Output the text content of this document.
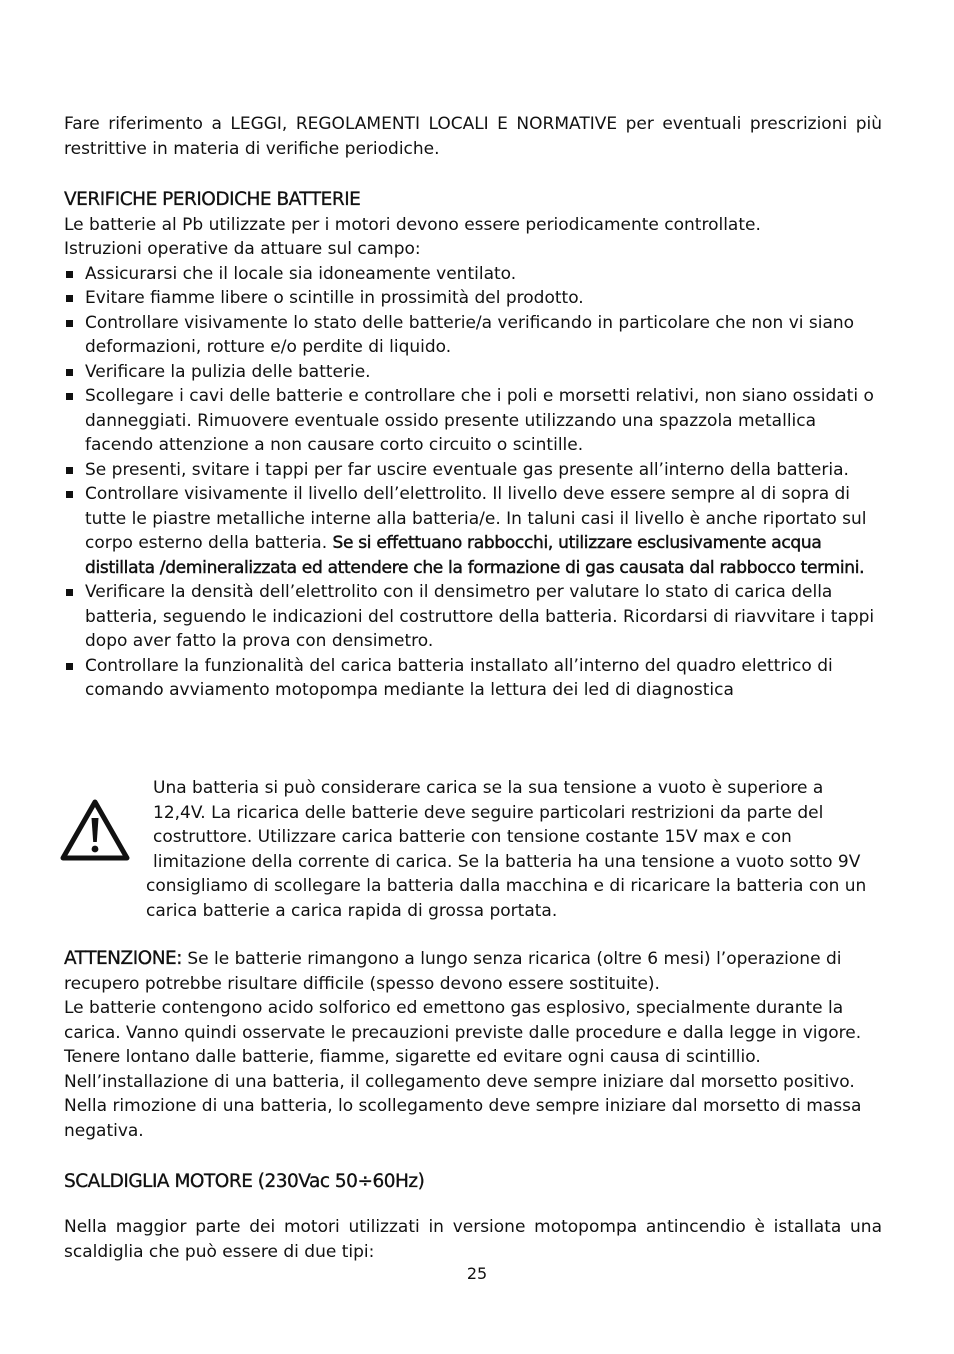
Fare riferimento a LEGGI, REGOLAMENTI LOCALI E NORMATIVE per eventuali prescrizioni più restrittive in materia di verifiche periodiche.

VERIFICHE PERIODICHE BATTERIE
Le batterie al Pb utilizzate per i motori devono essere periodicamente controllate.
Istruzioni operative da attuare sul campo:
Assicurarsi che il locale sia idoneamente ventilato.
Evitare fiamme libere o scintille in prossimità del prodotto.
Controllare visivamente lo stato delle batterie/a verificando in particolare che non vi siano deformazioni, rotture e/o perdite di liquido.
Verificare la pulizia delle batterie.
Scollegare i cavi delle batterie e controllare che i poli e morsetti relativi, non siano ossidati o danneggiati. Rimuovere eventuale ossido presente utilizzando una spazzola metallica facendo attenzione a non causare corto circuito o scintille.
Se presenti, svitare i tappi per far uscire eventuale gas presente all’interno della batteria.
Controllare visivamente il livello dell’elettrolito. Il livello deve essere sempre al di sopra di tutte le piastre metalliche interne alla batteria/e. In taluni casi il livello è anche riportato sul corpo esterno della batteria. Se si effettuano rabbocchi, utilizzare esclusivamente acqua distillata /demineralizzata ed attendere che la formazione di gas causata dal rabbocco termini.
Verificare la densità dell’elettrolito con il densimetro per valutare lo stato di carica della batteria, seguendo le indicazioni del costruttore della batteria. Ricordarsi di riavvitare i tappi dopo aver fatto la prova con densimetro.
Controllare la funzionalità del carica batteria installato all’interno del quadro elettrico di comando avviamento motopompa mediante la lettura dei led di diagnostica
Una batteria si può considerare carica se la sua tensione a vuoto è superiore a
12,4V. La ricarica delle batterie deve seguire particolari restrizioni da parte del
costruttore. Utilizzare carica batterie con tensione costante 15V max e con
limitazione della corrente di carica. Se la batteria ha una tensione a vuoto sotto 9V
consigliamo di scollegare la batteria dalla macchina e di ricaricare la batteria con un
carica batterie a carica rapida di grossa portata.
ATTENZIONE: Se le batterie rimangono a lungo senza ricarica (oltre 6 mesi) l’operazione di recupero potrebbe risultare difficile (spesso devono essere sostituite).
Le batterie contengono acido solforico ed emettono gas esplosivo, specialmente durante la carica. Vanno quindi osservate le precauzioni previste dalle procedure e dalla legge in vigore.
Tenere lontano dalle batterie, fiamme, sigarette ed evitare ogni causa di scintillio.
Nell’installazione di una batteria, il collegamento deve sempre iniziare dal morsetto positivo.
Nella rimozione di una batteria, lo scollegamento deve sempre iniziare dal morsetto di massa negativa.
SCALDIGLIA MOTORE (230Vac 50÷60Hz)

Nella maggior parte dei motori utilizzati in versione motopompa antincendio è istallata una scaldiglia che può essere di due tipi:

25
